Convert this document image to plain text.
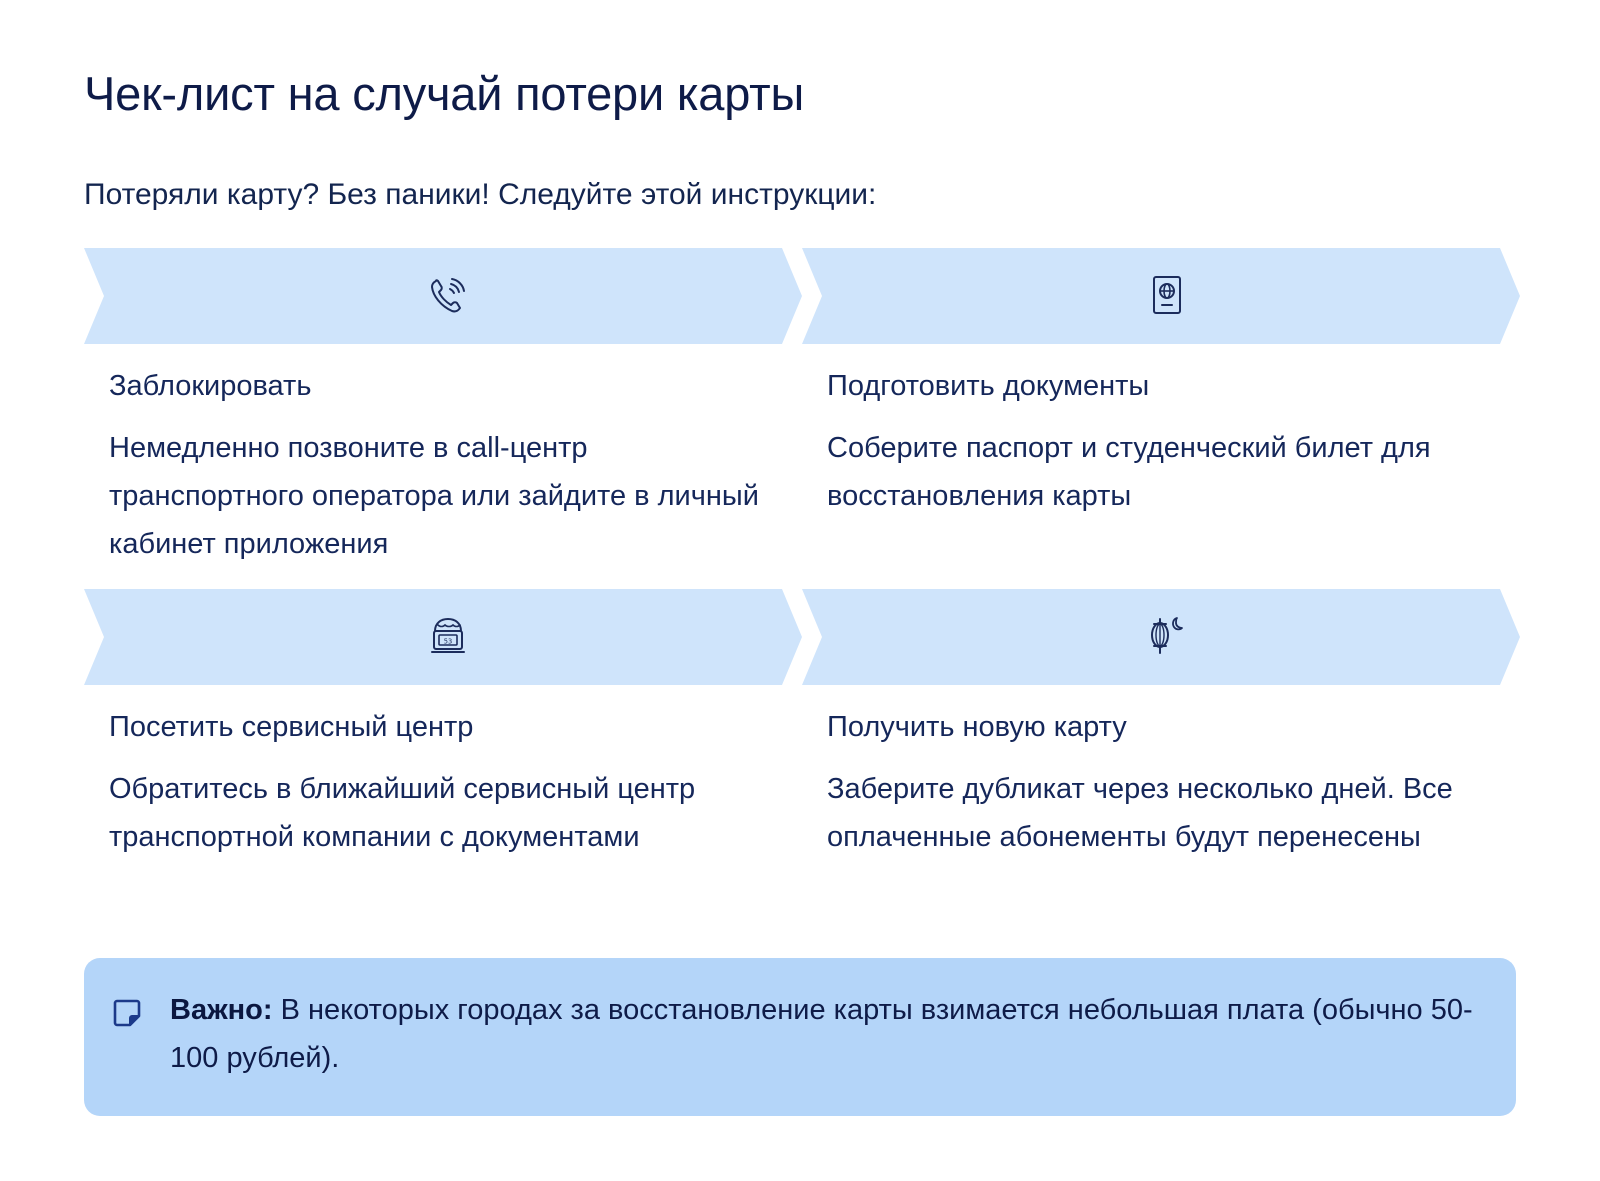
Чек-лист на случай потери карты

Потеряли карту? Без паники! Следуйте этой инструкции:

Заблокировать
Немедленно позвоните в call-центр транспортного оператора или зайдите в личный кабинет приложения
Подготовить документы
Соберите паспорт и студенческий билет для восстановления карты
53
Посетить сервисный центр
Обратитесь в ближайший сервисный центр транспортной компании с документами
Получить новую карту
Заберите дубликат через несколько дней. Все оплаченные абонементы будут перенесены
Важно: В некоторых городах за восстановление карты взимается небольшая плата (обычно 50-100 рублей).
